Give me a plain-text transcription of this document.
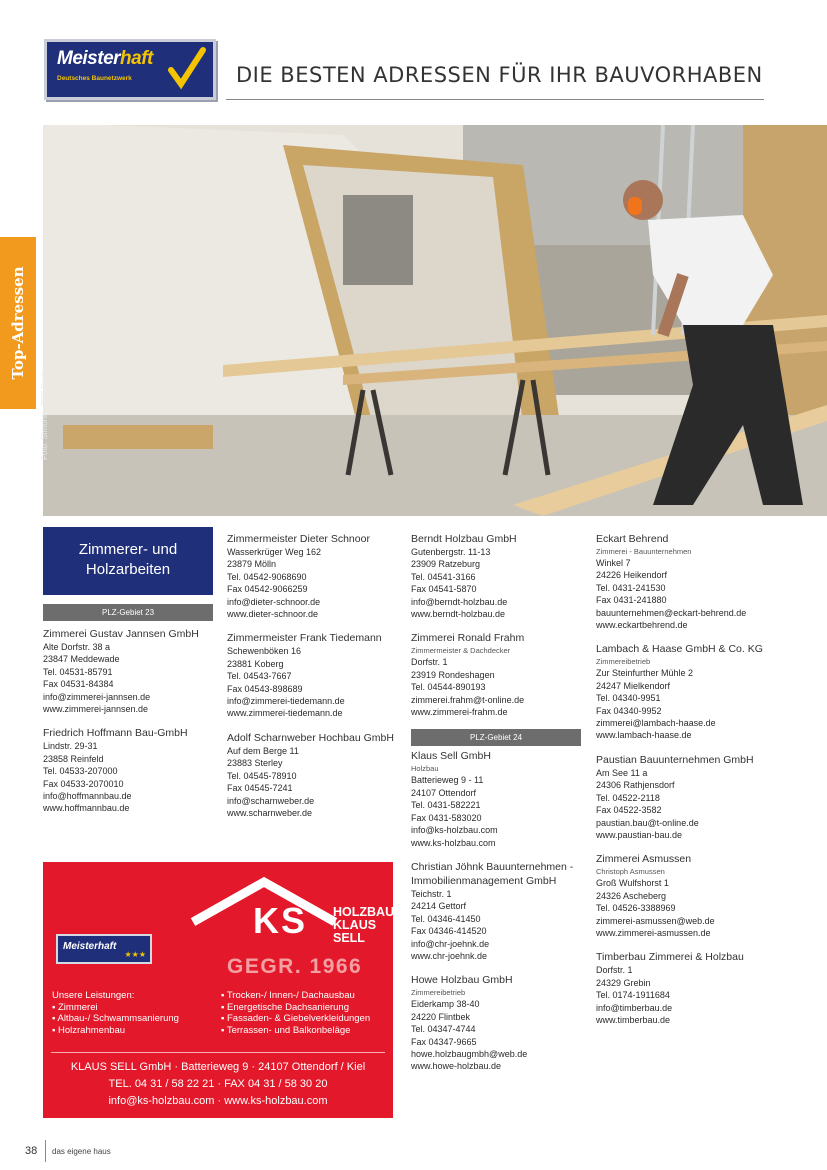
Meisterhaft
Deutsches Baunetzwerk	DIE BESTEN ADRESSEN FÜR IHR BAUVORHABEN
Top-Adressen
Foto: Simonis, ZDB Berlin
Zimmerer- und
Holzarbeiten
PLZ-Gebiet 23
Zimmerei Gustav Jannsen GmbH
Alte Dorfstr. 38 a
23847 Meddewade
Tel. 04531-85791
Fax 04531-84384
info@zimmerei-jannsen.de
www.zimmerei-jannsen.de
Friedrich Hoffmann Bau-GmbH
Lindstr. 29-31
23858 Reinfeld
Tel. 04533-207000
Fax 04533-2070010
info@hoffmannbau.de
www.hoffmannbau.de
Zimmermeister Dieter Schnoor
Wasserkrüger Weg 162
23879 Mölln
Tel. 04542-9068690
Fax 04542-9066259
info@dieter-schnoor.de
www.dieter-schnoor.de
Zimmermeister Frank Tiedemann
Schewenböken 16
23881 Koberg
Tel. 04543-7667
Fax 04543-898689
info@zimmerei-tiedemann.de
www.zimmerei-tiedemann.de
Adolf Scharnweber Hochbau GmbH
Auf dem Berge 11
23883 Sterley
Tel. 04545-78910
Fax 04545-7241
info@scharnweber.de
www.scharnweber.de
Berndt Holzbau GmbH
Gutenbergstr. 11-13
23909 Ratzeburg
Tel. 04541-3166
Fax 04541-5870
info@berndt-holzbau.de
www.berndt-holzbau.de
Zimmerei Ronald Frahm
Zimmermeister & Dachdecker
Dorfstr. 1
23919 Rondeshagen
Tel. 04544-890193
zimmerei.frahm@t-online.de
www.zimmerei-frahm.de
PLZ-Gebiet 24
Klaus Sell GmbH
Holzbau
Batterieweg 9 - 11
24107 Ottendorf
Tel. 0431-582221
Fax 0431-583020
info@ks-holzbau.com
www.ks-holzbau.com
Christian Jöhnk Bauunternehmen - Immobilienmanagement GmbH
Teichstr. 1
24214 Gettorf
Tel. 04346-41450
Fax 04346-414520
info@chr-joehnk.de
www.chr-joehnk.de
Howe Holzbau GmbH
Zimmereibetrieb
Eiderkamp 38-40
24220 Flintbek
Tel. 04347-4744
Fax 04347-9665
howe.holzbaugmbh@web.de
www.howe-holzbau.de
Eckart Behrend
Zimmerei - Bauunternehmen
Winkel 7
24226 Heikendorf
Tel. 0431-241530
Fax 0431-241880
bauunternehmen@eckart-behrend.de
www.eckartbehrend.de
Lambach & Haase GmbH & Co. KG
Zimmereibetrieb
Zur Steinfurther Mühle 2
24247 Mielkendorf
Tel. 04340-9951
Fax 04340-9952
zimmerei@lambach-haase.de
www.lambach-haase.de
Paustian Bauunternehmen GmbH
Am See 11 a
24306 Rathjensdorf
Tel. 04522-2118
Fax 04522-3582
paustian.bau@t-online.de
www.paustian-bau.de
Zimmerei Asmussen
Christoph Asmussen
Groß Wulfshorst 1
24326 Ascheberg
Tel. 04526-3388969
zimmerei-asmussen@web.de
www.zimmerei-asmussen.de
Timberbau Zimmerei & Holzbau
Dorfstr. 1
24329 Grebin
Tel. 0174-1911684
info@timberbau.de
www.timberbau.de
KS HOLZBAU
KLAUS SELL
GEGR. 1966
Meisterhaft
★★★
Unsere Leistungen:
▪ Zimmerei
▪ Altbau-/ Schwammsanierung
▪ Holzrahmenbau
▪ Trocken-/ Innen-/ Dachausbau
▪ Energetische Dachsanierung
▪ Fassaden- & Giebelverkleidungen
▪ Terrassen- und Balkonbeläge
KLAUS SELL GmbH · Batterieweg 9 · 24107 Ottendorf / Kiel
TEL. 04 31 / 58 22 21 · FAX 04 31 / 58 30 20
info@ks-holzbau.com · www.ks-holzbau.com
38 das eigene haus
